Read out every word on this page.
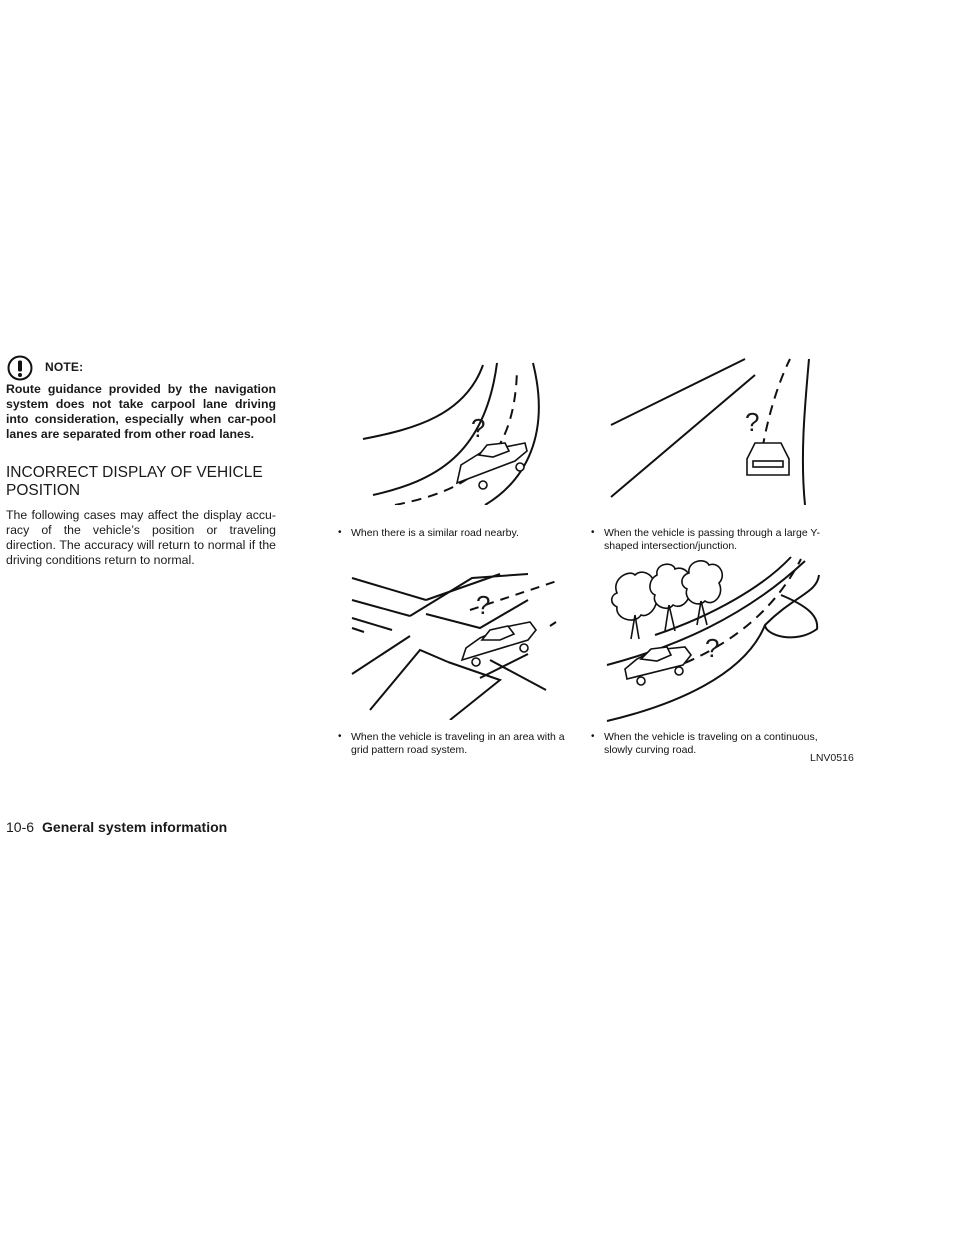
NOTE:

Route guidance provided by the navigation system does not take carpool lane driving into consideration, especially when car-pool lanes are separated from other road lanes.

INCORRECT DISPLAY OF VEHICLE
POSITION

The following cases may affect the display accu-racy of the vehicle’s position or traveling direction. The accuracy will return to normal if the driving conditions return to normal.

?
• When there is a similar road nearby.
?
• When the vehicle is passing through a large Y-shaped intersection/junction.
?
• When the vehicle is traveling in an area with a grid pattern road system.
?
• When the vehicle is traveling on a continuous, slowly curving road.
LNV0516
10-6 General system information
